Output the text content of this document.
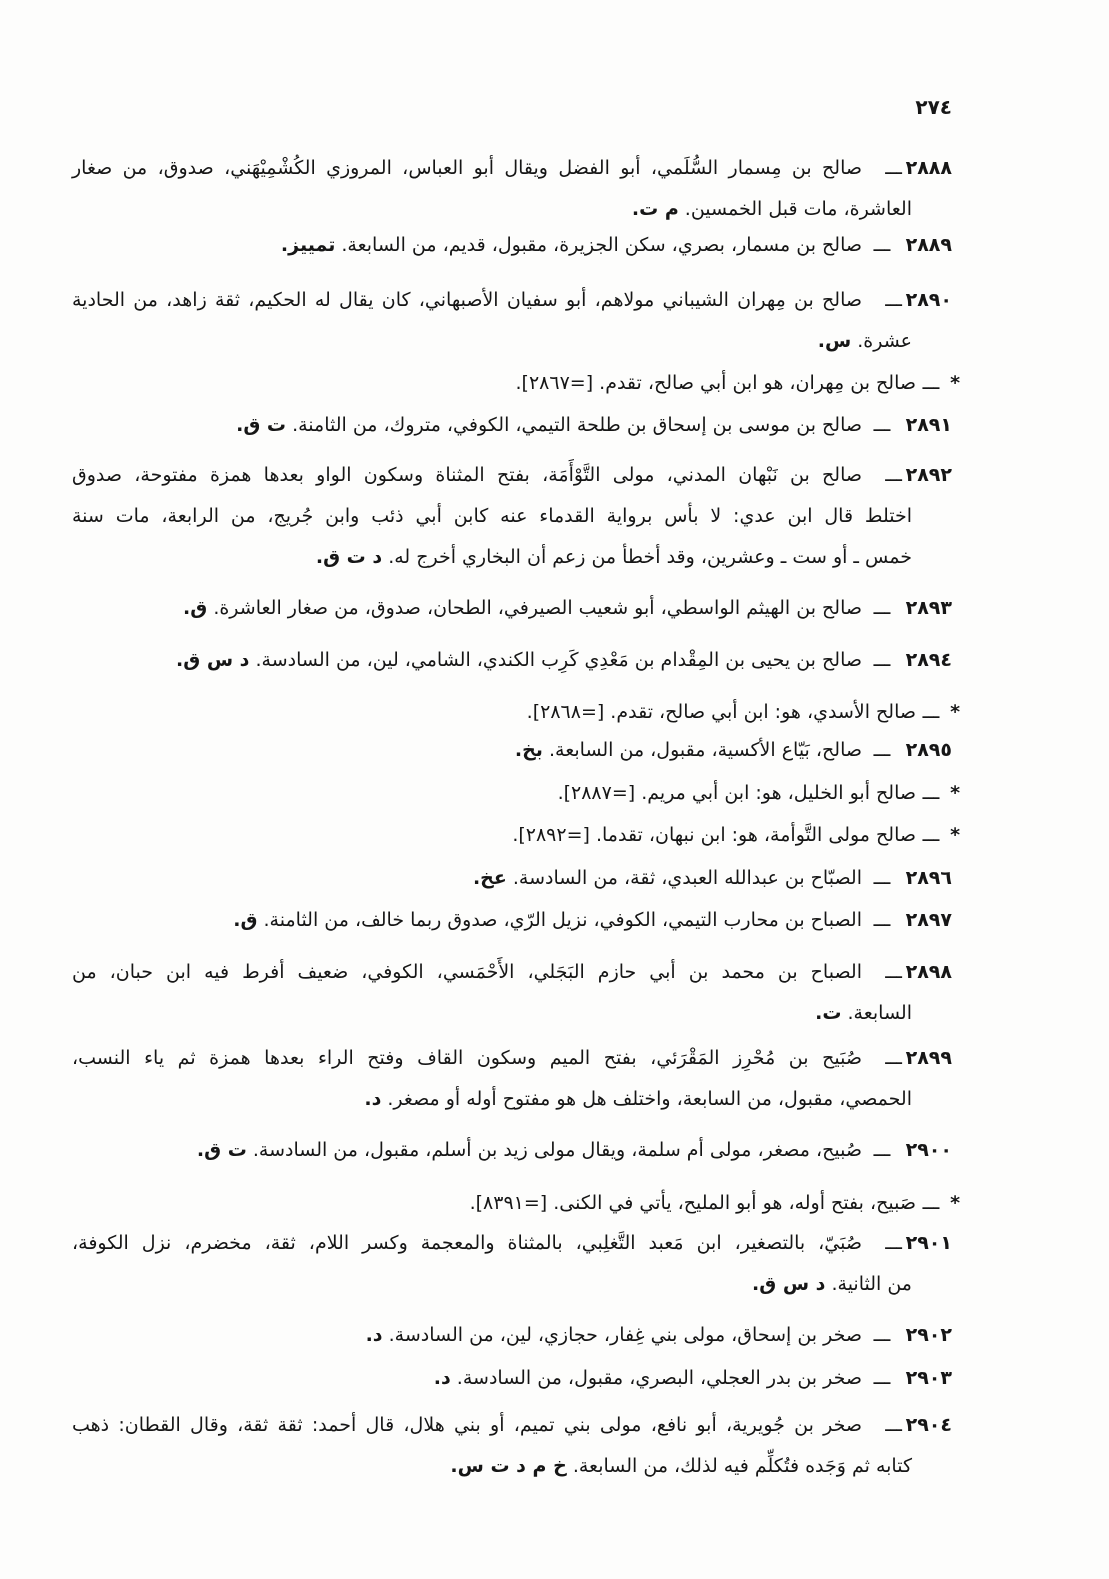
٢٧٤
٢٨٨٨ـــصالح بن مِسمار السُّلَمي، أبو الفضل ويقال أبو العباس، المروزي الكُشْمِيْهَني، صدوق، من صغار
العاشرة، مات قبل الخمسين. م ت.
٢٨٨٩ـــصالح بن مسمار، بصري، سكن الجزيرة، مقبول، قديم، من السابعة. تمييز.
٢٨٩٠ـــصالح بن مِهران الشيباني مولاهم، أبو سفيان الأصبهاني، كان يقال له الحكيم، ثقة زاهد، من الحادية
عشرة. س.
*ـــصالح بن مِهران، هو ابن أبي صالح، تقدم. [=٢٨٦٧].
٢٨٩١ـــصالح بن موسى بن إسحاق بن طلحة التيمي، الكوفي، متروك، من الثامنة. ت ق.
٢٨٩٢ـــصالح بن نَبْهان المدني، مولى التَّوْأَمَة، بفتح المثناة وسكون الواو بعدها همزة مفتوحة، صدوق
اختلط قال ابن عدي: لا بأس برواية القدماء عنه كابن أبي ذئب وابن جُريج، من الرابعة، مات سنة
خمس ـ أو ست ـ وعشرين، وقد أخطأ من زعم أن البخاري أخرج له. د ت ق.
٢٨٩٣ـــصالح بن الهيثم الواسطي، أبو شعيب الصيرفي، الطحان، صدوق، من صغار العاشرة. ق.
٢٨٩٤ـــصالح بن يحيى بن المِقْدام بن مَعْدِي كَرِب الكندي، الشامي، لين، من السادسة. د س ق.
*ـــصالح الأسدي، هو: ابن أبي صالح، تقدم. [=٢٨٦٨].
٢٨٩٥ـــصالح، بَيّاع الأكسية، مقبول، من السابعة. بخ.
*ـــصالح أبو الخليل، هو: ابن أبي مريم. [=٢٨٨٧].
*ـــصالح مولى التَّوأمة، هو: ابن نبهان، تقدما. [=٢٨٩٢].
٢٨٩٦ـــالصبّاح بن عبدالله العبدي، ثقة، من السادسة. عخ.
٢٨٩٧ـــالصباح بن محارب التيمي، الكوفي، نزيل الرّي، صدوق ربما خالف، من الثامنة. ق.
٢٨٩٨ـــالصباح بن محمد بن أبي حازم البَجَلي، الأَحْمَسي، الكوفي، ضعيف أفرط فيه ابن حبان، من
السابعة. ت.
٢٨٩٩ـــصُبَيح بن مُحْرِز المَقْرَئي، بفتح الميم وسكون القاف وفتح الراء بعدها همزة ثم ياء النسب،
الحمصي، مقبول، من السابعة، واختلف هل هو مفتوح أوله أو مصغر. د.
٢٩٠٠ـــصُبيح، مصغر، مولى أم سلمة، ويقال مولى زيد بن أسلم، مقبول، من السادسة. ت ق.
*ـــصَبيح، بفتح أوله، هو أبو المليح، يأتي في الكنى. [=٨٣٩١].
٢٩٠١ـــصُبَيّ، بالتصغير، ابن مَعبد التَّغلِبي، بالمثناة والمعجمة وكسر اللام، ثقة، مخضرم، نزل الكوفة،
من الثانية. د س ق.
٢٩٠٢ـــصخر بن إسحاق، مولى بني غِفار، حجازي، لين، من السادسة. د.
٢٩٠٣ـــصخر بن بدر العجلي، البصري، مقبول، من السادسة. د.
٢٩٠٤ـــصخر بن جُويرية، أبو نافع، مولى بني تميم، أو بني هلال، قال أحمد: ثقة ثقة، وقال القطان: ذهب
كتابه ثم وَجَده فتُكلِّم فيه لذلك، من السابعة. خ م د ت س.
